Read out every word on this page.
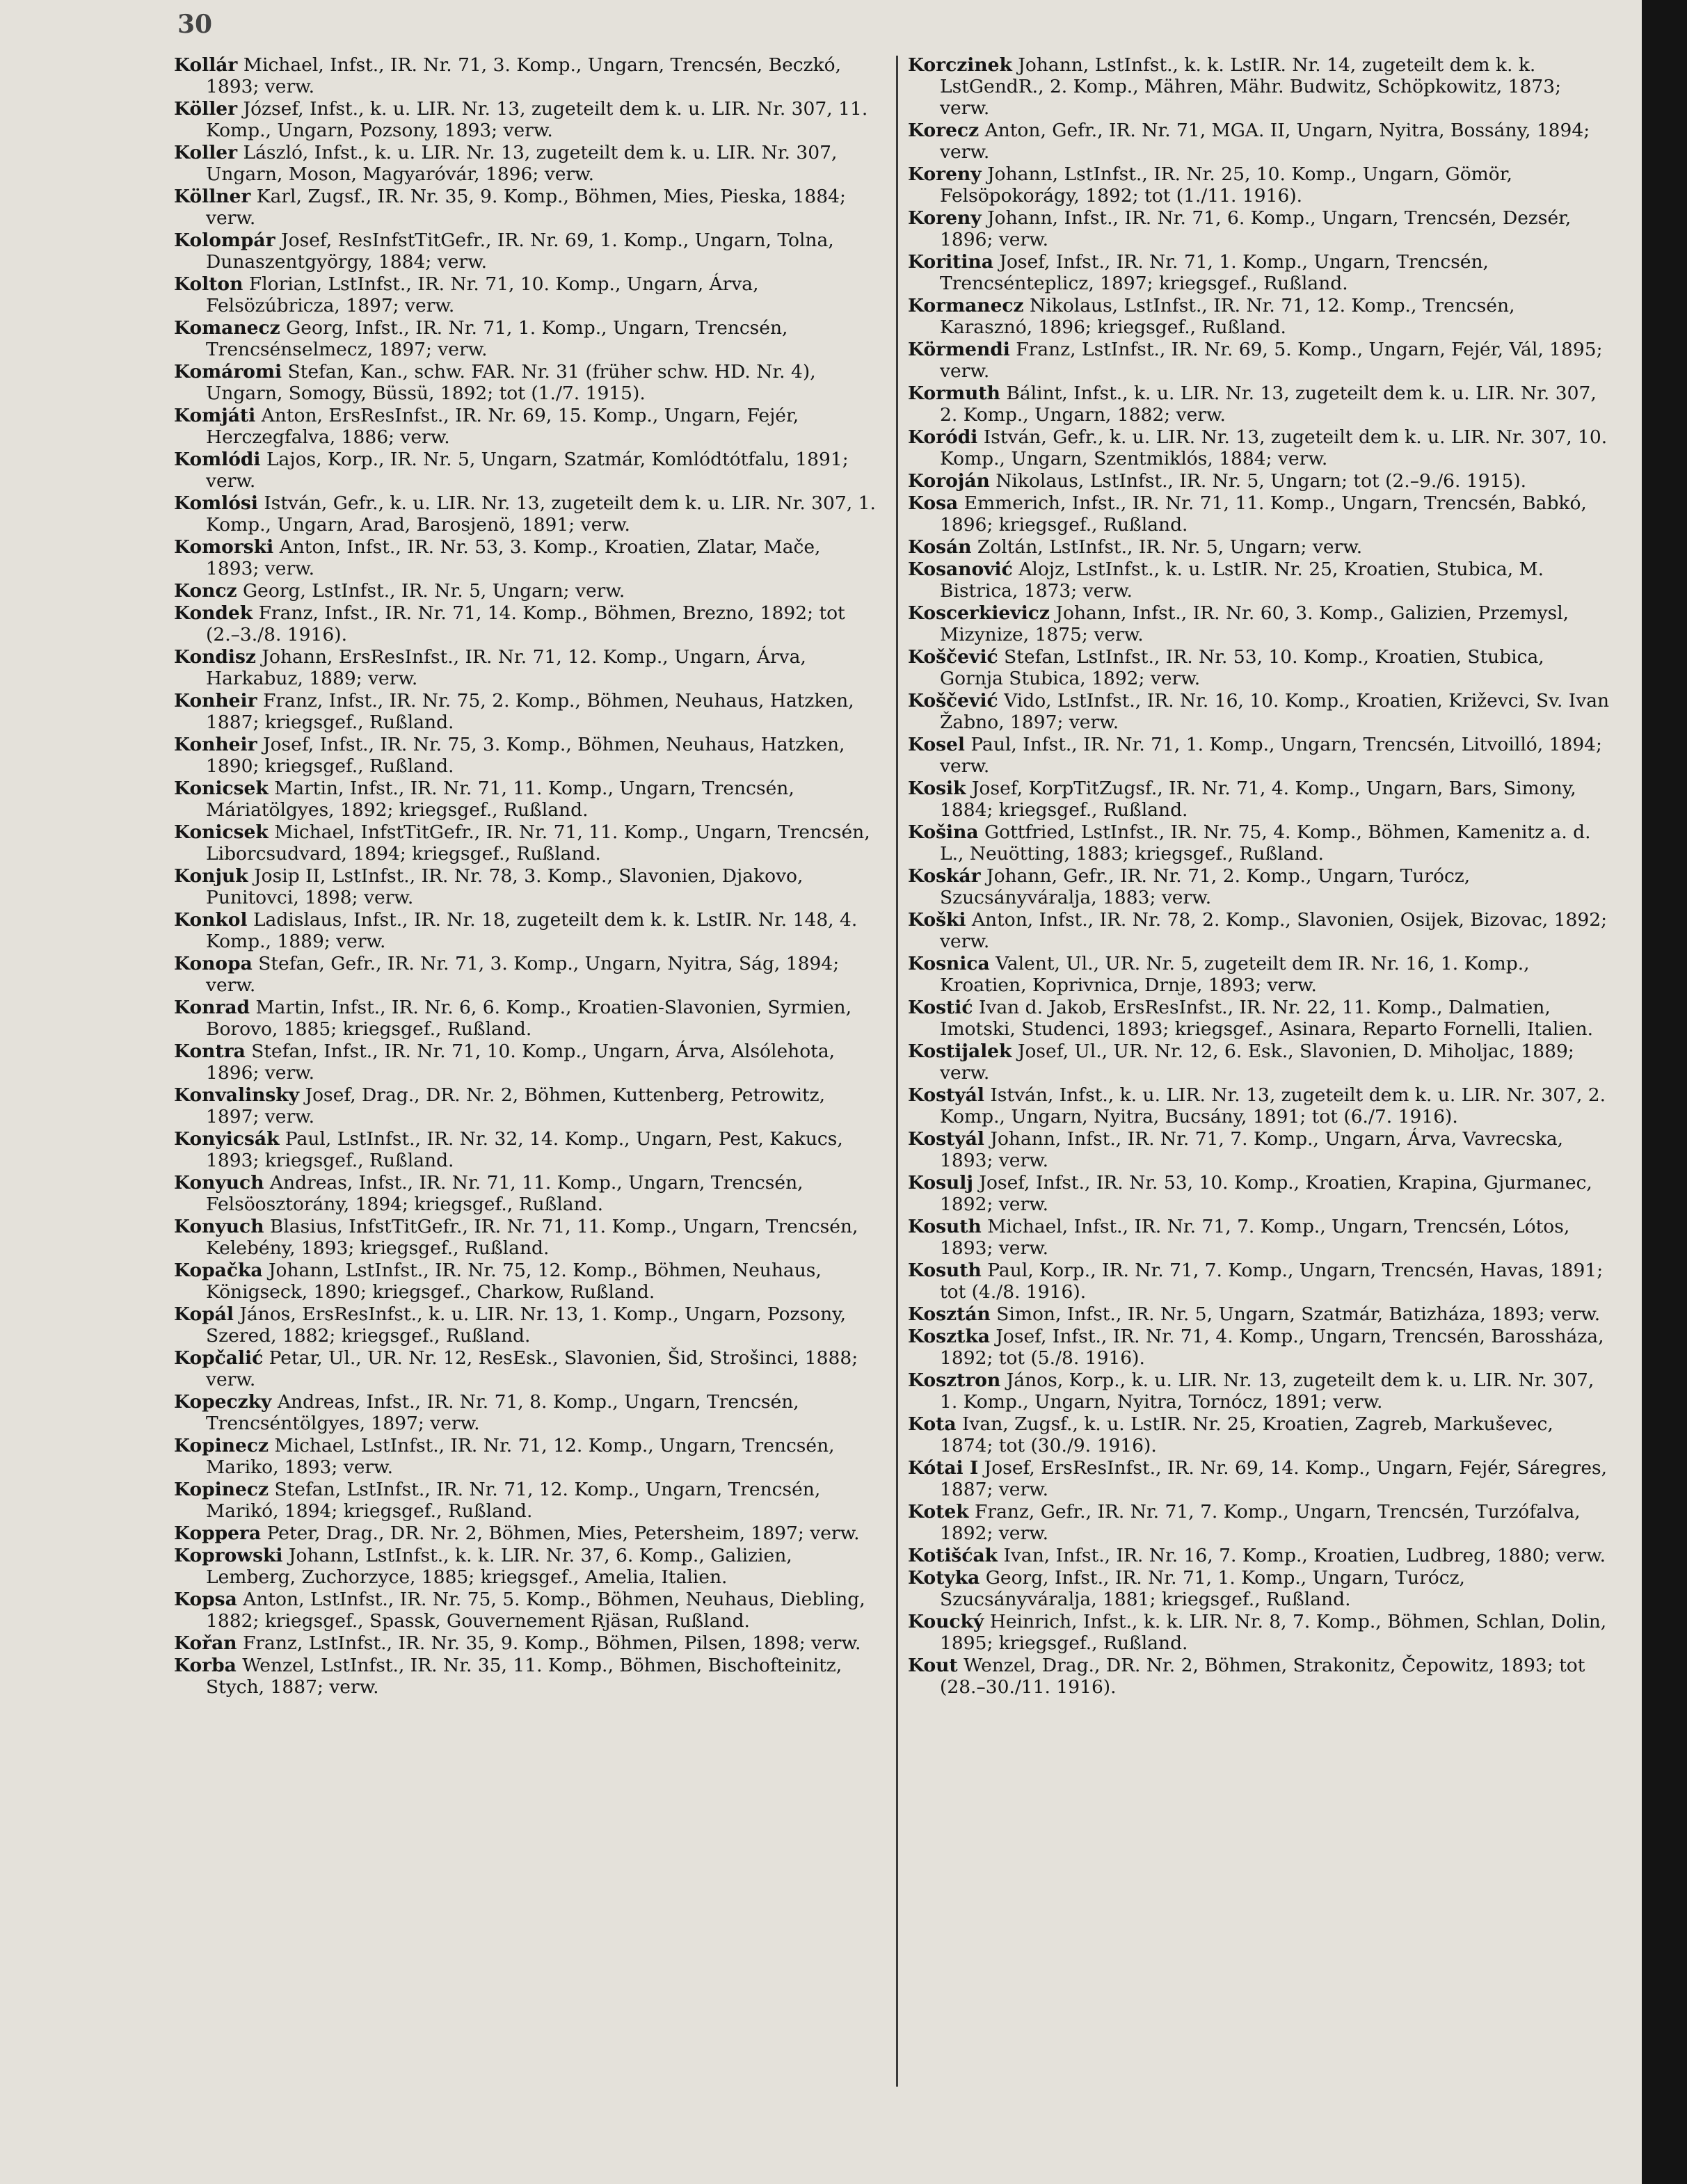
30

Kollár Michael, Infst., IR. Nr. 71, 3. Komp., Ungarn, Trencsén, Beczkó, 1893; verw.

Köller József, Infst., k. u. LIR. Nr. 13, zugeteilt dem k. u. LIR. Nr. 307, 11. Komp., Ungarn, Pozsony, 1893; verw.

Koller László, Infst., k. u. LIR. Nr. 13, zugeteilt dem k. u. LIR. Nr. 307, Ungarn, Moson, Magyaróvár, 1896; verw.

Köllner Karl, Zugsf., IR. Nr. 35, 9. Komp., Böhmen, Mies, Pieska, 1884; verw.

Kolompár Josef, ResInfstTitGefr., IR. Nr. 69, 1. Komp., Ungarn, Tolna, Dunaszentgyörgy, 1884; verw.

Kolton Florian, LstInfst., IR. Nr. 71, 10. Komp., Ungarn, Árva, Felsözúbricza, 1897; verw.

Komanecz Georg, Infst., IR. Nr. 71, 1. Komp., Ungarn, Trencsén, Trencsénselmecz, 1897; verw.

Komáromi Stefan, Kan., schw. FAR. Nr. 31 (früher schw. HD. Nr. 4), Ungarn, Somogy, Büssü, 1892; tot (1./7. 1915).

Komjáti Anton, ErsResInfst., IR. Nr. 69, 15. Komp., Ungarn, Fejér, Herczegfalva, 1886; verw.

Komlódi Lajos, Korp., IR. Nr. 5, Ungarn, Szatmár, Komlódtótfalu, 1891; verw.

Komlósi István, Gefr., k. u. LIR. Nr. 13, zugeteilt dem k. u. LIR. Nr. 307, 1. Komp., Ungarn, Arad, Barosjenö, 1891; verw.

Komorski Anton, Infst., IR. Nr. 53, 3. Komp., Kroatien, Zlatar, Mače, 1893; verw.

Koncz Georg, LstInfst., IR. Nr. 5, Ungarn; verw.

Kondek Franz, Infst., IR. Nr. 71, 14. Komp., Böhmen, Brezno, 1892; tot (2.–3./8. 1916).

Kondisz Johann, ErsResInfst., IR. Nr. 71, 12. Komp., Ungarn, Árva, Harkabuz, 1889; verw.

Konheir Franz, Infst., IR. Nr. 75, 2. Komp., Böhmen, Neuhaus, Hatzken, 1887; kriegsgef., Rußland.

Konheir Josef, Infst., IR. Nr. 75, 3. Komp., Böhmen, Neuhaus, Hatzken, 1890; kriegsgef., Rußland.

Konicsek Martin, Infst., IR. Nr. 71, 11. Komp., Ungarn, Trencsén, Máriatölgyes, 1892; kriegsgef., Rußland.

Konicsek Michael, InfstTitGefr., IR. Nr. 71, 11. Komp., Ungarn, Trencsén, Liborcsudvard, 1894; kriegsgef., Rußland.

Konjuk Josip II, LstInfst., IR. Nr. 78, 3. Komp., Slavonien, Djakovo, Punitovci, 1898; verw.

Konkol Ladislaus, Infst., IR. Nr. 18, zugeteilt dem k. k. LstIR. Nr. 148, 4. Komp., 1889; verw.

Konopa Stefan, Gefr., IR. Nr. 71, 3. Komp., Ungarn, Nyitra, Ság, 1894; verw.

Konrad Martin, Infst., IR. Nr. 6, 6. Komp., Kroatien-Slavonien, Syrmien, Borovo, 1885; kriegsgef., Rußland.

Kontra Stefan, Infst., IR. Nr. 71, 10. Komp., Ungarn, Árva, Alsólehota, 1896; verw.

Konvalinsky Josef, Drag., DR. Nr. 2, Böhmen, Kuttenberg, Petrowitz, 1897; verw.

Konyicsák Paul, LstInfst., IR. Nr. 32, 14. Komp., Ungarn, Pest, Kakucs, 1893; kriegsgef., Rußland.

Konyuch Andreas, Infst., IR. Nr. 71, 11. Komp., Ungarn, Trencsén, Felsöosztorány, 1894; kriegsgef., Rußland.

Konyuch Blasius, InfstTitGefr., IR. Nr. 71, 11. Komp., Ungarn, Trencsén, Kelebény, 1893; kriegsgef., Rußland.

Kopačka Johann, LstInfst., IR. Nr. 75, 12. Komp., Böhmen, Neuhaus, Königseck, 1890; kriegsgef., Charkow, Rußland.

Kopál János, ErsResInfst., k. u. LIR. Nr. 13, 1. Komp., Ungarn, Pozsony, Szered, 1882; kriegsgef., Rußland.

Kopčalić Petar, Ul., UR. Nr. 12, ResEsk., Slavonien, Šid, Strošinci, 1888; verw.

Kopeczky Andreas, Infst., IR. Nr. 71, 8. Komp., Ungarn, Trencsén, Trencséntölgyes, 1897; verw.

Kopinecz Michael, LstInfst., IR. Nr. 71, 12. Komp., Ungarn, Trencsén, Mariko, 1893; verw.

Kopinecz Stefan, LstInfst., IR. Nr. 71, 12. Komp., Ungarn, Trencsén, Marikó, 1894; kriegsgef., Rußland.

Koppera Peter, Drag., DR. Nr. 2, Böhmen, Mies, Petersheim, 1897; verw.

Koprowski Johann, LstInfst., k. k. LIR. Nr. 37, 6. Komp., Galizien, Lemberg, Zuchorzyce, 1885; kriegsgef., Amelia, Italien.

Kopsa Anton, LstInfst., IR. Nr. 75, 5. Komp., Böhmen, Neuhaus, Diebling, 1882; kriegsgef., Spassk, Gouvernement Rjäsan, Rußland.

Kořan Franz, LstInfst., IR. Nr. 35, 9. Komp., Böhmen, Pilsen, 1898; verw.

Korba Wenzel, LstInfst., IR. Nr. 35, 11. Komp., Böhmen, Bischofteinitz, Stych, 1887; verw.

Korczinek Johann, LstInfst., k. k. LstIR. Nr. 14, zugeteilt dem k. k. LstGendR., 2. Komp., Mähren, Mähr. Budwitz, Schöpkowitz, 1873; verw.

Korecz Anton, Gefr., IR. Nr. 71, MGA. II, Ungarn, Nyitra, Bossány, 1894; verw.

Koreny Johann, LstInfst., IR. Nr. 25, 10. Komp., Ungarn, Gömör, Felsöpokorágy, 1892; tot (1./11. 1916).

Koreny Johann, Infst., IR. Nr. 71, 6. Komp., Ungarn, Trencsén, Dezsér, 1896; verw.

Koritina Josef, Infst., IR. Nr. 71, 1. Komp., Ungarn, Trencsén, Trencsénteplicz, 1897; kriegsgef., Rußland.

Kormanecz Nikolaus, LstInfst., IR. Nr. 71, 12. Komp., Trencsén, Karasznó, 1896; kriegsgef., Rußland.

Körmendi Franz, LstInfst., IR. Nr. 69, 5. Komp., Ungarn, Fejér, Vál, 1895; verw.

Kormuth Bálint, Infst., k. u. LIR. Nr. 13, zugeteilt dem k. u. LIR. Nr. 307, 2. Komp., Ungarn, 1882; verw.

Koródi István, Gefr., k. u. LIR. Nr. 13, zugeteilt dem k. u. LIR. Nr. 307, 10. Komp., Ungarn, Szentmiklós, 1884; verw.

Koroján Nikolaus, LstInfst., IR. Nr. 5, Ungarn; tot (2.–9./6. 1915).

Kosa Emmerich, Infst., IR. Nr. 71, 11. Komp., Ungarn, Trencsén, Babkó, 1896; kriegsgef., Rußland.

Kosán Zoltán, LstInfst., IR. Nr. 5, Ungarn; verw.

Kosanović Alojz, LstInfst., k. u. LstIR. Nr. 25, Kroatien, Stubica, M. Bistrica, 1873; verw.

Koscerkievicz Johann, Infst., IR. Nr. 60, 3. Komp., Galizien, Przemysl, Mizynize, 1875; verw.

Koščević Stefan, LstInfst., IR. Nr. 53, 10. Komp., Kroatien, Stubica, Gornja Stubica, 1892; verw.

Koščević Vido, LstInfst., IR. Nr. 16, 10. Komp., Kroatien, Križevci, Sv. Ivan Žabno, 1897; verw.

Kosel Paul, Infst., IR. Nr. 71, 1. Komp., Ungarn, Trencsén, Litvoilló, 1894; verw.

Kosik Josef, KorpTitZugsf., IR. Nr. 71, 4. Komp., Ungarn, Bars, Simony, 1884; kriegsgef., Rußland.

Košina Gottfried, LstInfst., IR. Nr. 75, 4. Komp., Böhmen, Kamenitz a. d. L., Neuötting, 1883; kriegsgef., Rußland.

Koskár Johann, Gefr., IR. Nr. 71, 2. Komp., Ungarn, Turócz, Szucsányváralja, 1883; verw.

Koški Anton, Infst., IR. Nr. 78, 2. Komp., Slavonien, Osijek, Bizovac, 1892; verw.

Kosnica Valent, Ul., UR. Nr. 5, zugeteilt dem IR. Nr. 16, 1. Komp., Kroatien, Koprivnica, Drnje, 1893; verw.

Kostić Ivan d. Jakob, ErsResInfst., IR. Nr. 22, 11. Komp., Dalmatien, Imotski, Studenci, 1893; kriegsgef., Asinara, Reparto Fornelli, Italien.

Kostijalek Josef, Ul., UR. Nr. 12, 6. Esk., Slavonien, D. Miholjac, 1889; verw.

Kostyál István, Infst., k. u. LIR. Nr. 13, zugeteilt dem k. u. LIR. Nr. 307, 2. Komp., Ungarn, Nyitra, Bucsány, 1891; tot (6./7. 1916).

Kostyál Johann, Infst., IR. Nr. 71, 7. Komp., Ungarn, Árva, Vavrecska, 1893; verw.

Kosulj Josef, Infst., IR. Nr. 53, 10. Komp., Kroatien, Krapina, Gjurmanec, 1892; verw.

Kosuth Michael, Infst., IR. Nr. 71, 7. Komp., Ungarn, Trencsén, Lótos, 1893; verw.

Kosuth Paul, Korp., IR. Nr. 71, 7. Komp., Ungarn, Trencsén, Havas, 1891; tot (4./8. 1916).

Kosztán Simon, Infst., IR. Nr. 5, Ungarn, Szatmár, Batizháza, 1893; verw.

Kosztka Josef, Infst., IR. Nr. 71, 4. Komp., Ungarn, Trencsén, Barossháza, 1892; tot (5./8. 1916).

Kosztron János, Korp., k. u. LIR. Nr. 13, zugeteilt dem k. u. LIR. Nr. 307, 1. Komp., Ungarn, Nyitra, Tornócz, 1891; verw.

Kota Ivan, Zugsf., k. u. LstIR. Nr. 25, Kroatien, Zagreb, Markuševec, 1874; tot (30./9. 1916).

Kótai I Josef, ErsResInfst., IR. Nr. 69, 14. Komp., Ungarn, Fejér, Sáregres, 1887; verw.

Kotek Franz, Gefr., IR. Nr. 71, 7. Komp., Ungarn, Trencsén, Turzófalva, 1892; verw.

Kotišćak Ivan, Infst., IR. Nr. 16, 7. Komp., Kroatien, Ludbreg, 1880; verw.

Kotyka Georg, Infst., IR. Nr. 71, 1. Komp., Ungarn, Turócz, Szucsányváralja, 1881; kriegsgef., Rußland.

Koucký Heinrich, Infst., k. k. LIR. Nr. 8, 7. Komp., Böhmen, Schlan, Dolin, 1895; kriegsgef., Rußland.

Kout Wenzel, Drag., DR. Nr. 2, Böhmen, Strakonitz, Čepowitz, 1893; tot (28.–30./11. 1916).
